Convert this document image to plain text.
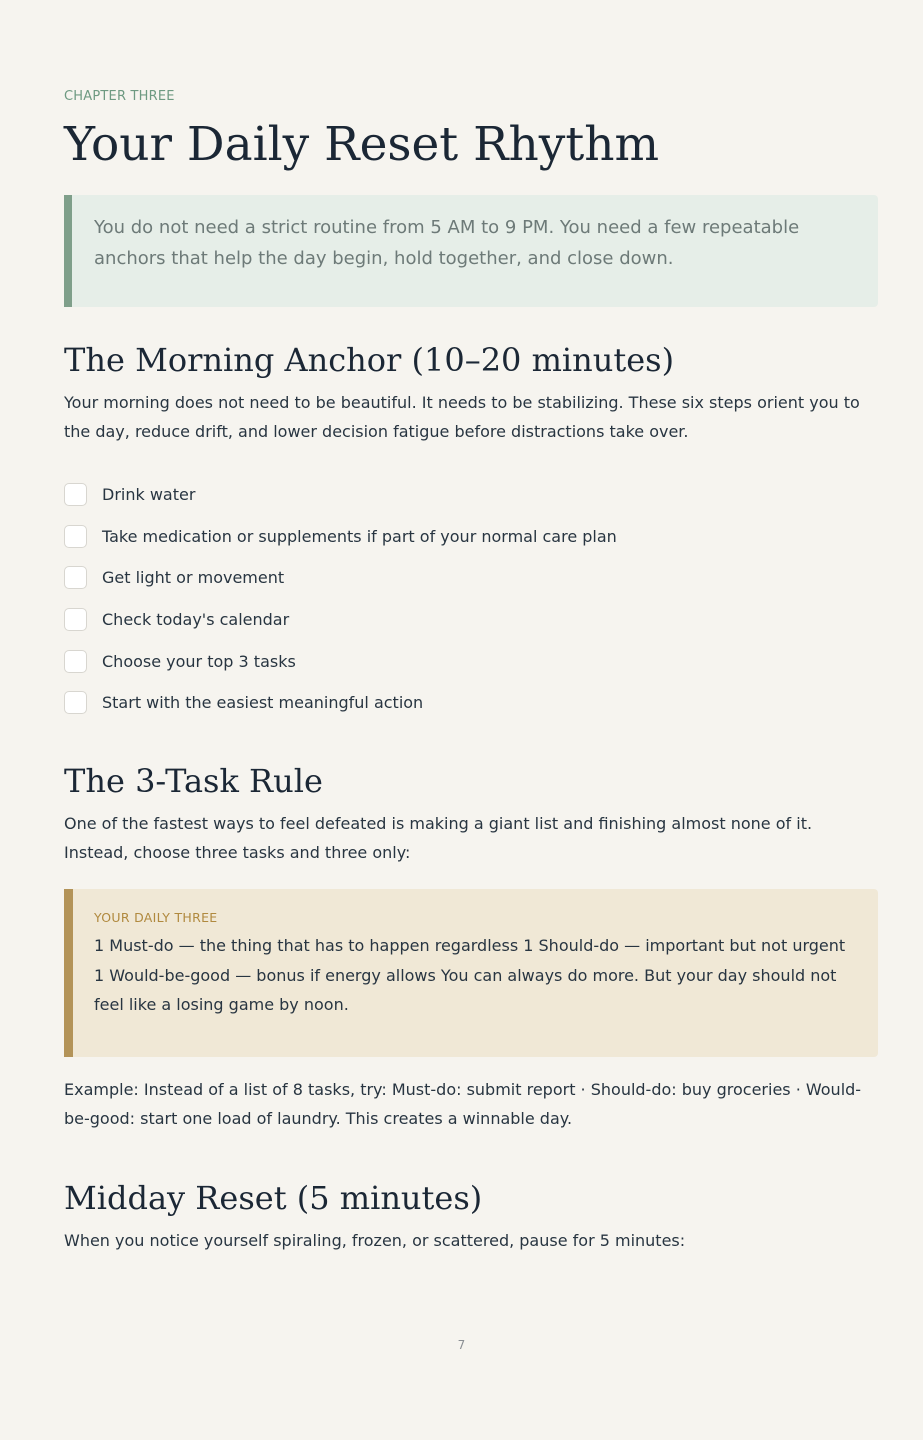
CHAPTER THREE
Your Daily Reset Rhythm

You do not need a strict routine from 5 AM to 9 PM. You need a few repeatable anchors that help the day begin, hold together, and close down.

The Morning Anchor (10–20 minutes)

Your morning does not need to be beautiful. It needs to be stabilizing. These six steps orient you to the day, reduce drift, and lower decision fatigue before distractions take over.

Drink water
Take medication or supplements if part of your normal care plan
Get light or movement
Check today's calendar
Choose your top 3 tasks
Start with the easiest meaningful action
The 3-Task Rule

One of the fastest ways to feel defeated is making a giant list and finishing almost none of it. Instead, choose three tasks and three only:

YOUR DAILY THREE

1 Must-do — the thing that has to happen regardless 1 Should-do — important but not urgent 1 Would-be-good — bonus if energy allows You can always do more. But your day should not feel like a losing game by noon.

Example: Instead of a list of 8 tasks, try: Must-do: submit report · Should-do: buy groceries · Would-be-good: start one load of laundry. This creates a winnable day.

Midday Reset (5 minutes)

When you notice yourself spiraling, frozen, or scattered, pause for 5 minutes:

7
